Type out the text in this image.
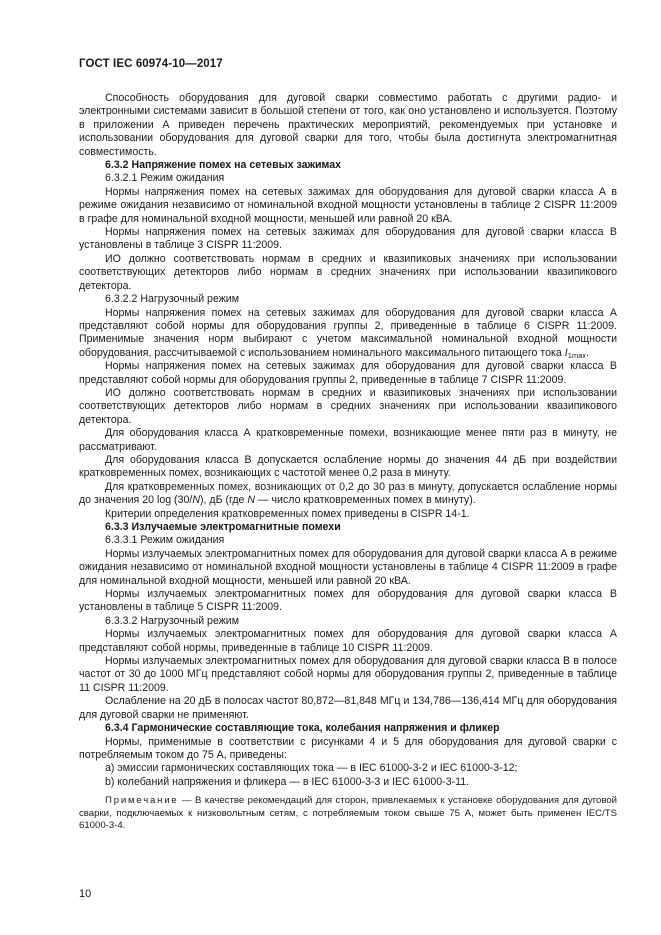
ГОСТ IEC 60974-10—2017

Способность оборудования для дуговой сварки совместимо работать с другими радио- и электронными системами зависит в большой степени от того, как оно установлено и используется. Поэтому в приложении А приведен перечень практических мероприятий, рекомендуемых при установке и использовании оборудования для дуговой сварки для того, чтобы была достигнута электромагнитная совместимость.

6.3.2 Напряжение помех на сетевых зажимах

6.3.2.1 Режим ожидания

Нормы напряжения помех на сетевых зажимах для оборудования для дуговой сварки класса А в режиме ожидания независимо от номинальной входной мощности установлены в таблице 2 CISPR 11:2009 в графе для номинальной входной мощности, меньшей или равной 20 кВА.

Нормы напряжения помех на сетевых зажимах для оборудования для дуговой сварки класса В установлены в таблице 3 CISPR 11:2009.

ИО должно соответствовать нормам в средних и квазипиковых значениях при использовании соответствующих детекторов либо нормам в средних значениях при использовании квазипикового детектора.

6.3.2.2 Нагрузочный режим

Нормы напряжения помех на сетевых зажимах для оборудования для дуговой сварки класса А представляют собой нормы для оборудования группы 2, приведенные в таблице 6 CISPR 11:2009. Применимые значения норм выбирают с учетом максимальной номинальной входной мощности оборудования, рассчитываемой с использованием номинального максимального питающего тока $I_{1max}$.

Нормы напряжения помех на сетевых зажимах для оборудования для дуговой сварки класса В представляют собой нормы для оборудования группы 2, приведенные в таблице 7 CISPR 11:2009.

ИО должно соответствовать нормам в средних и квазипиковых значениях при использовании соответствующих детекторов либо нормам в средних значениях при использовании квазипикового детектора.

Для оборудования класса А кратковременные помехи, возникающие менее пяти раз в минуту, не рассматривают.

Для оборудования класса В допускается ослабление нормы до значения 44 дБ при воздействии кратковременных помех, возникающих с частотой менее 0,2 раза в минуту.

Для кратковременных помех, возникающих от 0,2 до 30 раз в минуту, допускается ослабление нормы до значения 20 log (30/N), дБ (где N — число кратковременных помех в минуту).

Критерии определения кратковременных помех приведены в CISPR 14-1.

6.3.3 Излучаемые электромагнитные помехи

6.3.3.1 Режим ожидания

Нормы излучаемых электромагнитных помех для оборудования для дуговой сварки класса А в режиме ожидания независимо от номинальной входной мощности установлены в таблице 4 CISPR 11:2009 в графе для номинальной входной мощности, меньшей или равной 20 кВА.

Нормы излучаемых электромагнитных помех для оборудования для дуговой сварки класса В установлены в таблице 5 CISPR 11:2009.

6.3.3.2 Нагрузочный режим

Нормы излучаемых электромагнитных помех для оборудования для дуговой сварки класса А представляют собой нормы, приведенные в таблице 10 CISPR 11:2009.

Нормы излучаемых электромагнитных помех для оборудования для дуговой сварки класса В в полосе частот от 30 до 1000 МГц представляют собой нормы для оборудования группы 2, приведенные в таблице 11 CISPR 11:2009.

Ослабление на 20 дБ в полосах частот 80,872—81,848 МГц и 134,786—136,414 МГц для оборудования для дуговой сварки не применяют.

6.3.4 Гармонические составляющие тока, колебания напряжения и фликер

Нормы, применимые в соответствии с рисунками 4 и 5 для оборудования для дуговой сварки с потребляемым током до 75 А, приведены:

a) эмиссии гармонических составляющих тока — в IEC 61000-3-2 и IEC 61000-3-12;

b) колебаний напряжения и фликера — в IEC 61000-3-3 и IEC 61000-3-11.

Примечание — В качестве рекомендаций для сторон, привлекаемых к установке оборудования для дуговой сварки, подключаемых к низковольтным сетям, с потребляемым током свыше 75 А, может быть применен IEC/TS 61000-3-4.

10
